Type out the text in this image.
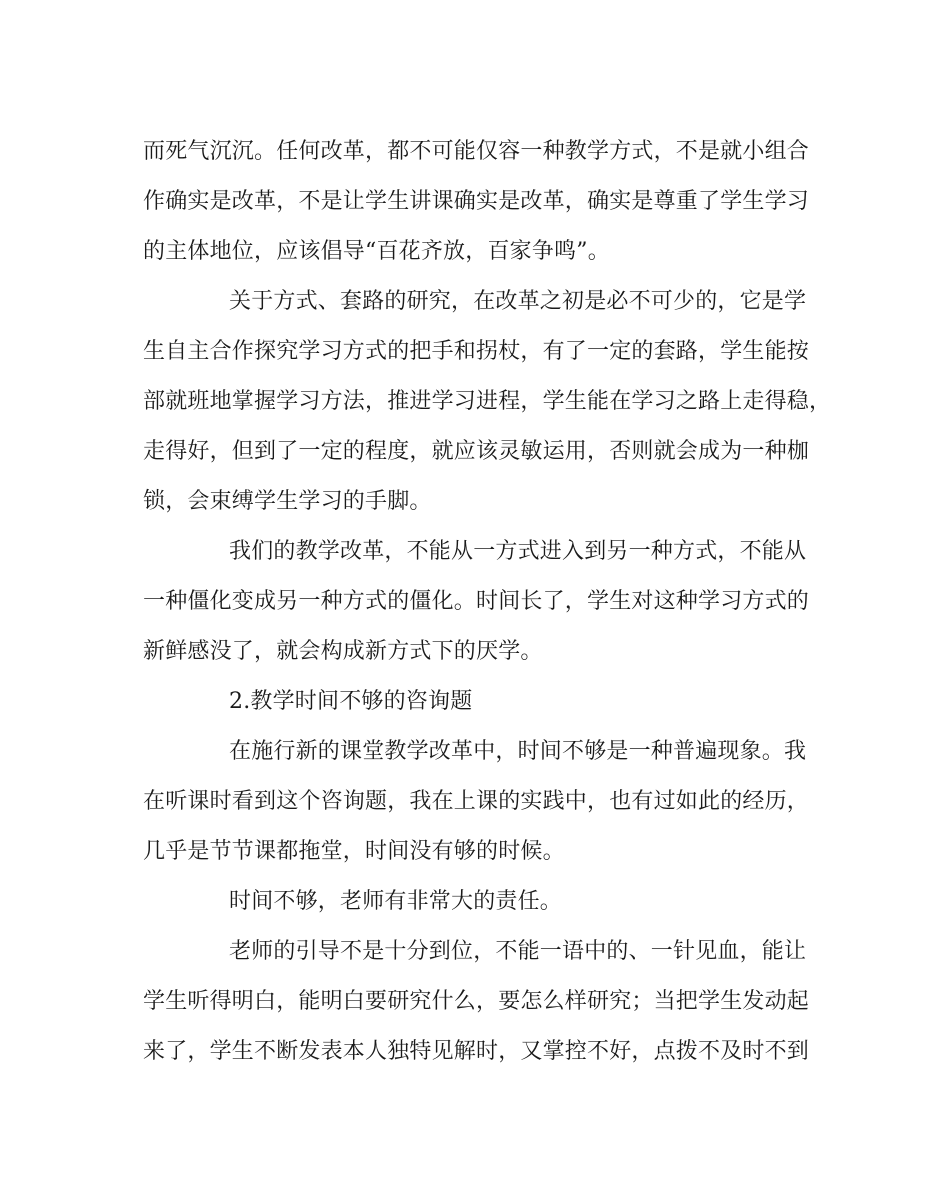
而死气沉沉。任何改革，都不可能仅容一种教学方式，不是就小组合
作确实是改革，不是让学生讲课确实是改革，确实是尊重了学生学习
的主体地位，应该倡导“百花齐放，百家争鸣”。
关于方式、套路的研究，在改革之初是必不可少的，它是学
生自主合作探究学习方式的把手和拐杖，有了一定的套路，学生能按
部就班地掌握学习方法，推进学习进程，学生能在学习之路上走得稳，
走得好，但到了一定的程度，就应该灵敏运用，否则就会成为一种枷
锁，会束缚学生学习的手脚。
我们的教学改革，不能从一方式进入到另一种方式，不能从
一种僵化变成另一种方式的僵化。时间长了，学生对这种学习方式的
新鲜感没了，就会构成新方式下的厌学。
2.教学时间不够的咨询题
在施行新的课堂教学改革中，时间不够是一种普遍现象。我
在听课时看到这个咨询题，我在上课的实践中，也有过如此的经历，
几乎是节节课都拖堂，时间没有够的时候。
时间不够，老师有非常大的责任。
老师的引导不是十分到位，不能一语中的、一针见血，能让
学生听得明白，能明白要研究什么，要怎么样研究；当把学生发动起
来了，学生不断发表本人独特见解时，又掌控不好，点拨不及时不到
